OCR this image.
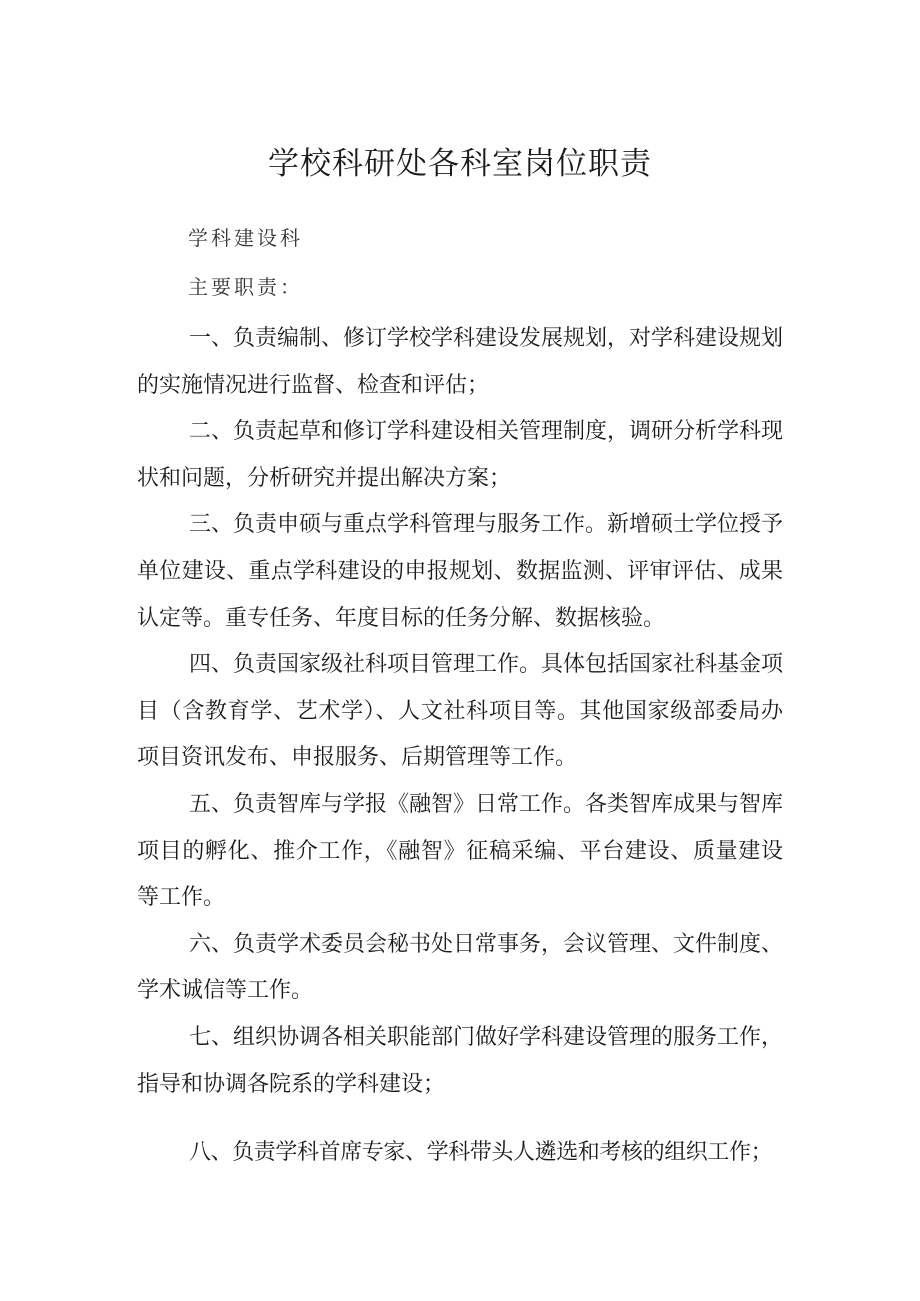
学校科研处各科室岗位职责

学科建设科

主要职责：

一、负责编制、修订学校学科建设发展规划，对学科建设规划的实施情况进行监督、检查和评估；

二、负责起草和修订学科建设相关管理制度，调研分析学科现状和问题，分析研究并提出解决方案；

三、负责申硕与重点学科管理与服务工作。新增硕士学位授予单位建设、重点学科建设的申报规划、数据监测、评审评估、成果认定等。重专任务、年度目标的任务分解、数据核验。

四、负责国家级社科项目管理工作。具体包括国家社科基金项目（含教育学、艺术学）、人文社科项目等。其他国家级部委局办项目资讯发布、申报服务、后期管理等工作。

五、负责智库与学报《融智》日常工作。各类智库成果与智库项目的孵化、推介工作，《融智》征稿采编、平台建设、质量建设等工作。

六、负责学术委员会秘书处日常事务，会议管理、文件制度、学术诚信等工作。

七、组织协调各相关职能部门做好学科建设管理的服务工作，指导和协调各院系的学科建设；

八、负责学科首席专家、学科带头人遴选和考核的组织工作；
